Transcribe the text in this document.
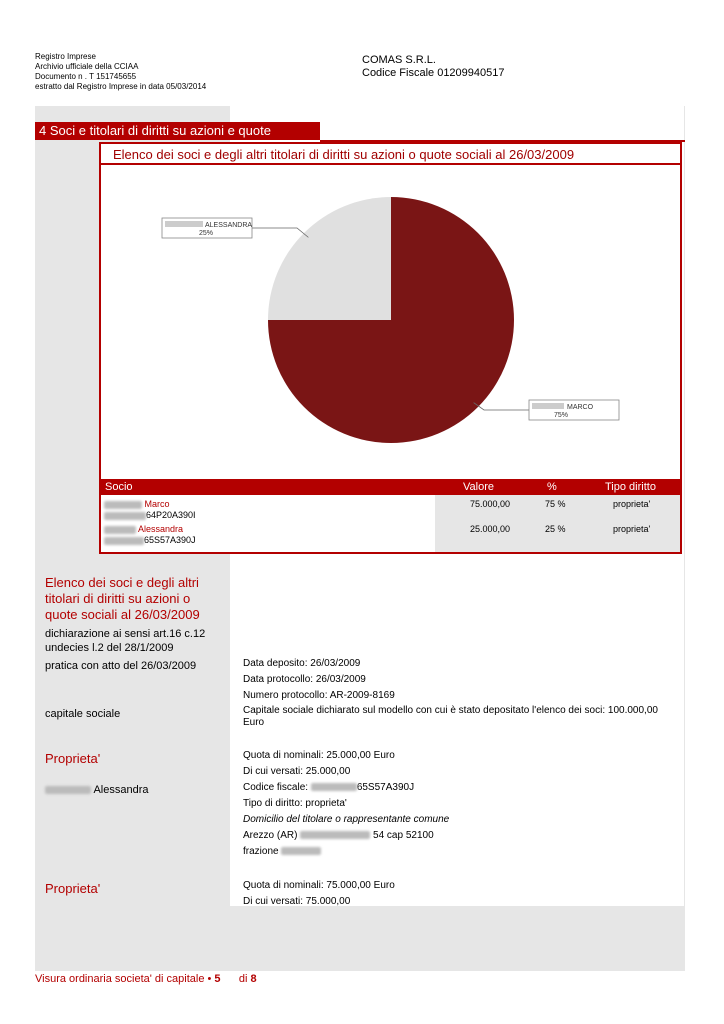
Registro Imprese
Archivio ufficiale della CCIAA
Documento n . T 151745655
estratto dal Registro Imprese in data 05/03/2014
COMAS S.R.L.
Codice Fiscale 01209940517
4 Soci e titolari di diritti su azioni e quote
Elenco dei soci e degli altri titolari di diritti su azioni o quote sociali al 26/03/2009
MARCO
75%
ALESSANDRA
25%
Socio	Valore	%	Tipo diritto
Marco
64P20A390I
75.000,00	75 %	proprieta'
Alessandra
65S57A390J
25.000,00	25 %	proprieta'
Elenco dei soci e degli altri titolari di diritti su azioni o quote sociali al 26/03/2009
dichiarazione ai sensi art.16 c.12 undecies l.2 del 28/1/2009
pratica con atto del 26/03/2009
capitale sociale
Proprieta'
Alessandra
Proprieta'
Data deposito: 26/03/2009
Data protocollo: 26/03/2009
Numero protocollo: AR-2009-8169
Capitale sociale dichiarato sul modello con cui è stato depositato l'elenco dei soci: 100.000,00 Euro
Quota di nominali: 25.000,00 Euro
Di cui versati: 25.000,00
Codice fiscale:	65S57A390J
Tipo di diritto: proprieta'
Domicilio del titolare o rappresentante comune
Arezzo (AR)	54 cap 52100
frazione
Quota di nominali: 75.000,00 Euro
Di cui versati: 75.000,00
Visura ordinaria societa' di capitale • 5 di 8
